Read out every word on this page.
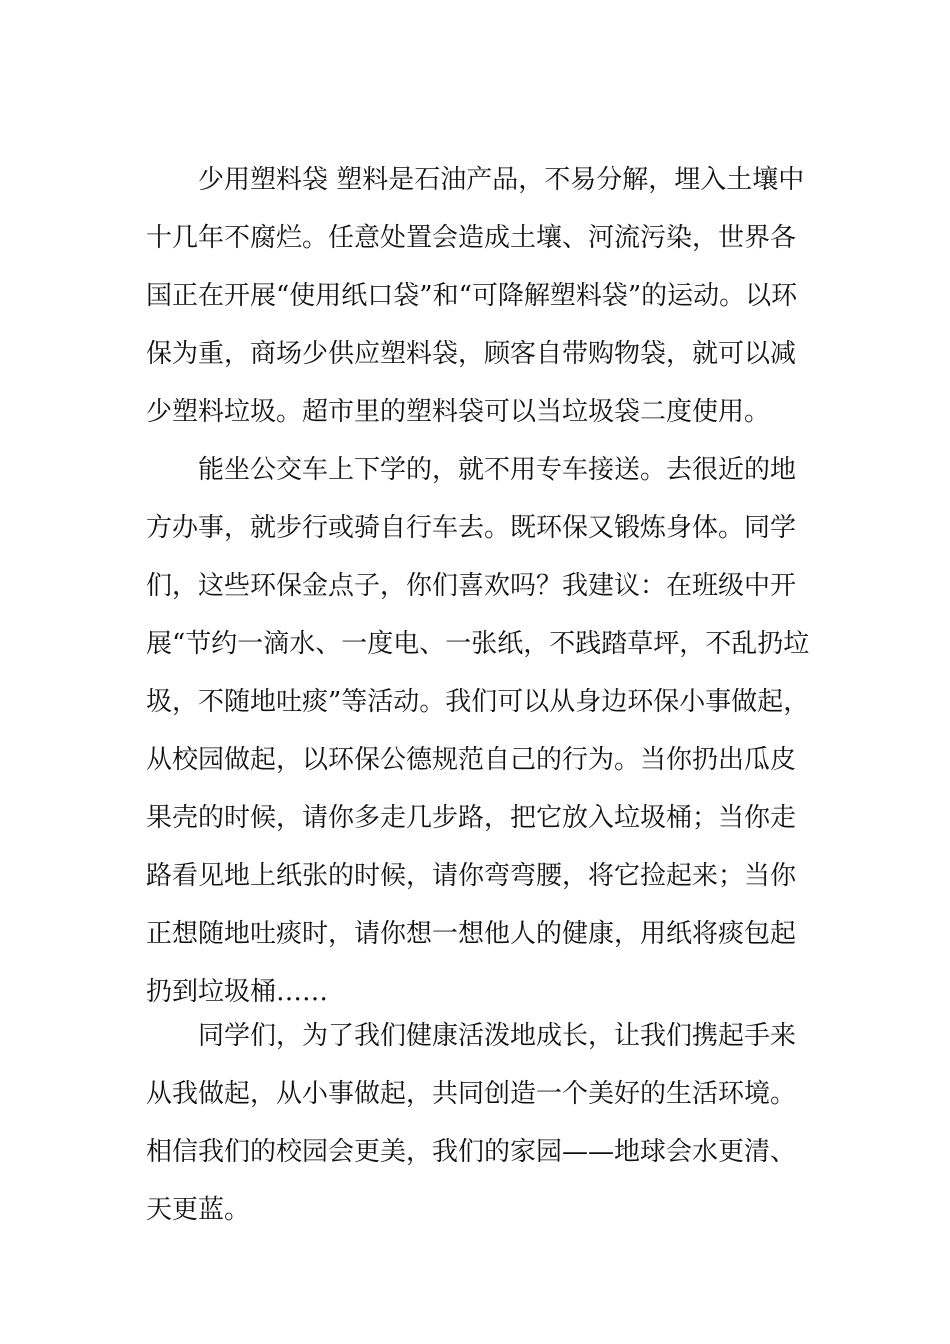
少用塑料袋 塑料是石油产品，不易分解，埋入土壤中十几年不腐烂。任意处置会造成土壤、河流污染，世界各国正在开展“使用纸口袋”和“可降解塑料袋”的运动。以环保为重，商场少供应塑料袋，顾客自带购物袋，就可以减少塑料垃圾。超市里的塑料袋可以当垃圾袋二度使用。

能坐公交车上下学的，就不用专车接送。去很近的地方办事，就步行或骑自行车去。既环保又锻炼身体。同学们，这些环保金点子，你们喜欢吗？我建议：在班级中开展“节约一滴水、一度电、一张纸，不践踏草坪，不乱扔垃圾，不随地吐痰”等活动。我们可以从身边环保小事做起，从校园做起，以环保公德规范自己的行为。当你扔出瓜皮果壳的时候，请你多走几步路，把它放入垃圾桶；当你走路看见地上纸张的时候，请你弯弯腰，将它捡起来；当你正想随地吐痰时，请你想一想他人的健康，用纸将痰包起扔到垃圾桶……

同学们，为了我们健康活泼地成长，让我们携起手来从我做起，从小事做起，共同创造一个美好的生活环境。相信我们的校园会更美，我们的家园——地球会水更清、天更蓝。
